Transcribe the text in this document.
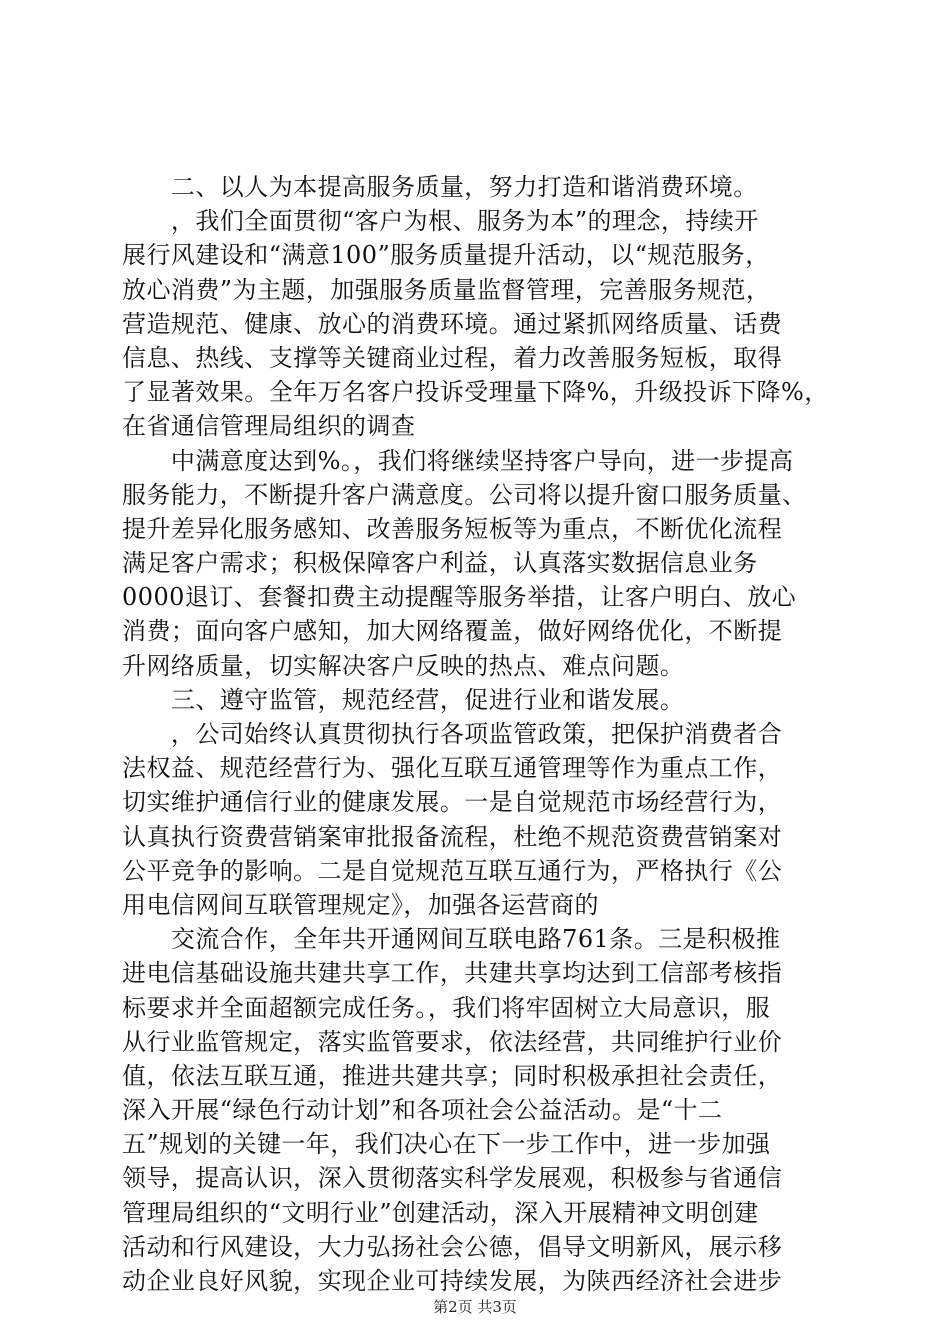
　　二、以人为本提高服务质量，努力打造和谐消费环境。
　　，我们全面贯彻“客户为根、服务为本”的理念，持续开
展行风建设和“满意100”服务质量提升活动，以“规范服务，
放心消费”为主题，加强服务质量监督管理，完善服务规范，
营造规范、健康、放心的消费环境。通过紧抓网络质量、话费
信息、热线、支撑等关键商业过程，着力改善服务短板，取得
了显著效果。全年万名客户投诉受理量下降%，升级投诉下降%，
在省通信管理局组织的调查
　　中满意度达到%。，我们将继续坚持客户导向，进一步提高
服务能力，不断提升客户满意度。公司将以提升窗口服务质量、
提升差异化服务感知、改善服务短板等为重点，不断优化流程
满足客户需求；积极保障客户利益，认真落实数据信息业务
0000退订、套餐扣费主动提醒等服务举措，让客户明白、放心
消费；面向客户感知，加大网络覆盖，做好网络优化，不断提
升网络质量，切实解决客户反映的热点、难点问题。
　　三、遵守监管，规范经营，促进行业和谐发展。
　　，公司始终认真贯彻执行各项监管政策，把保护消费者合
法权益、规范经营行为、强化互联互通管理等作为重点工作，
切实维护通信行业的健康发展。一是自觉规范市场经营行为，
认真执行资费营销案审批报备流程，杜绝不规范资费营销案对
公平竞争的影响。二是自觉规范互联互通行为，严格执行《公
用电信网间互联管理规定》，加强各运营商的
　　交流合作，全年共开通网间互联电路761条。三是积极推
进电信基础设施共建共享工作，共建共享均达到工信部考核指
标要求并全面超额完成任务。，我们将牢固树立大局意识，服
从行业监管规定，落实监管要求，依法经营，共同维护行业价
值，依法互联互通，推进共建共享；同时积极承担社会责任，
深入开展“绿色行动计划”和各项社会公益活动。是“十二
五”规划的关键一年，我们决心在下一步工作中，进一步加强
领导，提高认识，深入贯彻落实科学发展观，积极参与省通信
管理局组织的“文明行业”创建活动，深入开展精神文明创建
活动和行风建设，大力弘扬社会公德，倡导文明新风，展示移
动企业良好风貌，实现企业可持续发展，为陕西经济社会进步
第2页 共3页
